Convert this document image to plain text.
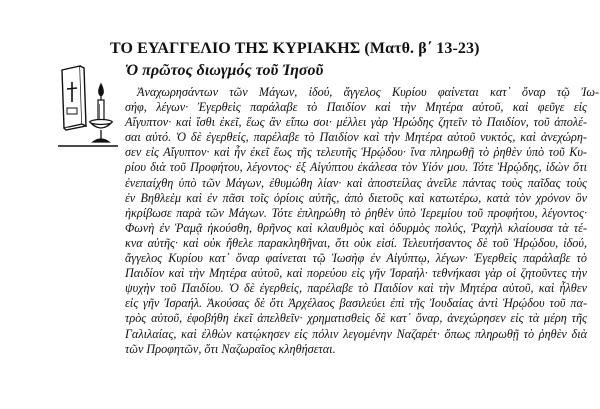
ΤΟ ΕΥΑΓΓΕΛΙΟ ΤΗΣ ΚΥΡΙΑΚΗΣ (Ματθ. β΄ 13-23)
Ὁ πρῶτος διωγμός τοῦ Ἰησοῦ
Ἀναχωρησάντων τῶν Μάγων, ἰδού, ἄγγελος Κυρίου φαίνεται κατ᾽ ὄναρ τῷ Ἰω-
σήφ, λέγων· Ἐγερθεὶς παράλαβε τὸ Παιδίον καὶ τὴν Μητέρα αὐτοῦ, καὶ φεῦγε εἰς
Αἴγυπτον· καὶ ἴσθι ἐκεῖ, ἕως ἂν εἴπω σοι· μέλλει γὰρ Ἡρώδης ζητεῖν τὸ Παιδίον, τοῦ ἀπολέ-
σαι αὐτό. Ὁ δὲ ἐγερθείς, παρέλαβε τὸ Παιδίον καὶ τὴν Μητέρα αὐτοῦ νυκτός, καὶ ἀνεχώρη-
σεν εἰς Αἴγυπτον· καὶ ἦν ἐκεῖ ἕως τῆς τελευτῆς Ἡρῴδου· ἵνα πληρωθῇ τὸ ῥηθὲν ὑπὸ τοῦ Κυ-
ρίου διὰ τοῦ Προφήτου, λέγοντος· ἐξ Αἰγύπτου ἐκάλεσα τὸν Υἱόν μου. Τότε Ἡρῴδης, ἰδὼν ὅτι
ἐνεπαίχθη ὑπὸ τῶν Μάγων, ἐθυμώθη λίαν· καὶ ἀποστείλας ἀνεῖλε πάντας τοὺς παῖδας τοὺς
ἐν Βηθλεὲμ καὶ ἐν πᾶσι τοῖς ὁρίοις αὐτῆς, ἀπὸ διετοῦς καὶ κατωτέρω, κατὰ τὸν χρόνον ὃν
ἠκρίβωσε παρὰ τῶν Μάγων. Τότε ἐπληρώθη τὸ ῥηθὲν ὑπὸ Ἱερεμίου τοῦ προφήτου, λέγοντος·
Φωνὴ ἐν Ῥαμᾷ ἠκούσθη, θρῆνος καὶ κλαυθμὸς καὶ ὀδυρμὸς πολύς, Ῥαχὴλ κλαίουσα τὰ τέ-
κνα αὐτῆς· καὶ οὐκ ἤθελε παρακληθῆναι, ὅτι οὐκ εἰσί. Τελευτήσαντος δὲ τοῦ Ἡρῴδου, ἰδού,
ἄγγελος Κυρίου κατ᾽ ὄναρ φαίνεται τῷ Ἰωσὴφ ἐν Αἰγύπτῳ, λέγων· Ἐγερθεὶς παράλαβε τὸ
Παιδίον καὶ τὴν Μητέρα αὐτοῦ, καὶ πορεύου εἰς γῆν Ἰσραήλ· τεθνήκασι γὰρ οἱ ζητοῦντες τὴν
ψυχὴν τοῦ Παιδίου. Ὁ δὲ ἐγερθείς, παρέλαβε τὸ Παιδίον καὶ τὴν Μητέρα αὐτοῦ, καὶ ἦλθεν
εἰς γῆν Ἰσραήλ. Ἀκούσας δὲ ὅτι Ἀρχέλαος βασιλεύει ἐπὶ τῆς Ἰουδαίας ἀντὶ Ἡρῴδου τοῦ πα-
τρὸς αὐτοῦ, ἐφοβήθη ἐκεῖ ἀπελθεῖν· χρηματισθεὶς δὲ κατ᾽ ὄναρ, ἀνεχώρησεν εἰς τὰ μέρη τῆς
Γαλιλαίας, καὶ ἐλθὼν κατῴκησεν εἰς πόλιν λεγομένην Ναζαρέτ· ὅπως πληρωθῇ τὸ ῥηθὲν διὰ
τῶν Προφητῶν, ὅτι Ναζωραῖος κληθήσεται.
